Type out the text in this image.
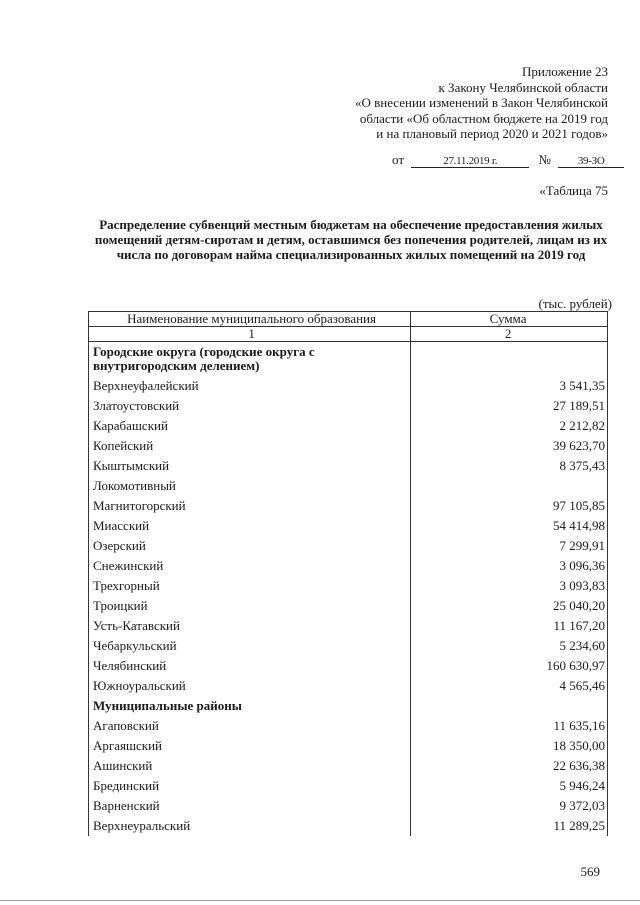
Приложение 23
к Закону Челябинской области
«О внесении изменений в Закон Челябинской
области «Об областном бюджете на 2019 год
и на плановый период 2020 и 2021 годов»
от	27.11.2019 г.	№ 39-ЗО
«Таблица 75
Распределение субвенций местным бюджетам на обеспечение предоставления жилых помещений детям-сиротам и детям, оставшимся без попечения родителей, лицам из их числа по договорам найма специализированных жилых помещений на 2019 год
(тыс. рублей)
Наименование муниципального образования	Сумма
1	2
Городские округа (городские округа с внутригородским делением)	
Верхнеуфалейский	3 541,35
Златоустовский	27 189,51
Карабашский	2 212,82
Копейский	39 623,70
Кыштымский	8 375,43
Локомотивный	
Магнитогорский	97 105,85
Миасский	54 414,98
Озерский	7 299,91
Снежинский	3 096,36
Трехгорный	3 093,83
Троицкий	25 040,20
Усть-Катавский	11 167,20
Чебаркульский	5 234,60
Челябинский	160 630,97
Южноуральский	4 565,46
Муниципальные районы	
Агаповский	11 635,16
Аргаяшский	18 350,00
Ашинский	22 636,38
Брединский	5 946,24
Варненский	9 372,03
Верхнеуральский	11 289,25
569
